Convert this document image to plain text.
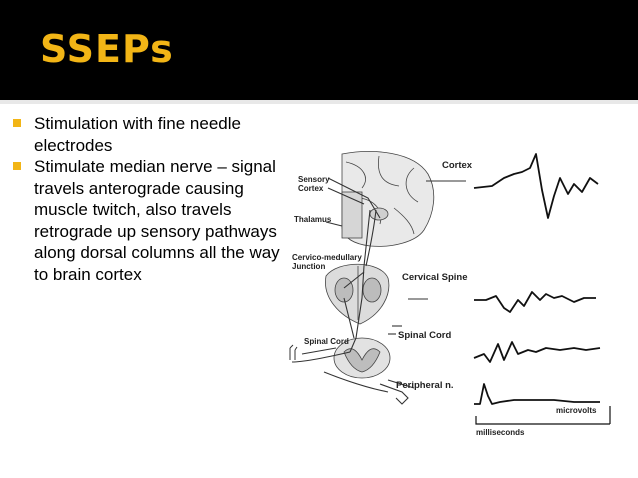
SSEPs
Stimulation with fine needle electrodes
Stimulate median nerve – signal travels anterograde causing muscle twitch, also travels retrograde up sensory pathways along dorsal columns all the way to brain cortex
Sensory
Cortex
Thalamus
Cervico-medullary
Junction
Spinal Cord
Cortex
Cervical Spine
Spinal Cord
Peripheral n.
microvolts
milliseconds
